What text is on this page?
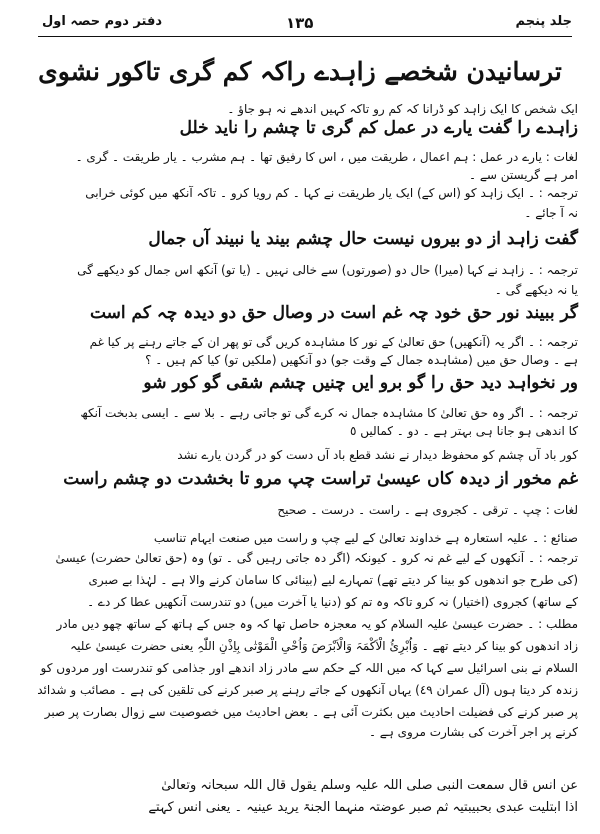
جلد پنجم
۱۳۵
دفتر دوم حصہ اول
ترسانیدن شخصے زاہدے راکہ کم گری تاکور نشوی
ایک شخص کا ایک زاہد کو ڈرانا کہ کم رو تاکہ کہیں اندھے نہ ہو جاؤ ۔
زاہدے را گفت یارے در عمل کم گری تا چشم را ناید خلل
لغات : یارے در عمل : ہم اعمال ، طریقت میں ، اس کا رفیق تھا ۔ ہم مشرب ۔ یار طریقت ۔ گری ۔
امر ہے گریستن سے ۔
ترجمہ : ۔ ایک زاہد کو (اس کے) ایک یار طریقت نے کہا ۔ کم رویا کرو ۔ تاکہ آنکھ میں کوئی خرابی
نہ آ جائے ۔
گفت زاہد از دو بیروں نیست حال چشم بیند یا نبیند آں جمال
ترجمہ : ۔ زاہد نے کہا (میرا) حال دو (صورتوں) سے خالی نہیں ۔ (یا تو) آنکھ اس جمال کو دیکھے گی
یا نہ دیکھے گی ۔
گر ببیند نور حق خود چہ غم است در وصال حق دو دیدہ چہ کم است
ترجمہ : ۔ اگر یہ (آنکھیں) حق تعالیٰ کے نور کا مشاہدہ کریں گی تو پھر ان کے جاتے رہنے پر کیا غم
ہے ۔ وصال حق میں (مشاہدہ جمال کے وقت جو) دو آنکھیں (ملکیں تو) کیا کم ہیں ۔ ؟
ور نخواہد دید حق را گو برو ایں چنیں چشم شقی گو کور شو
ترجمہ : ۔ اگر وہ حق تعالیٰ کا مشاہدہ جمال نہ کرے گی تو جاتی رہے ۔ بلا سے ۔ ایسی بدبخت آنکھ
کا اندھی ہو جانا ہی بہتر ہے ۔ دو ۔ کمالیں ٥
کور باد آں چشم کو محفوظ دیدار نے نشد قطع باد آں دست کو در گردن یارے نشد
غم مخور از دیدہ کاں عیسیٰ تراست چپ مرو تا بخشدت دو چشم راست
لغات : چپ ۔ ترقی ۔ کجروی ہے ۔ راست ۔ درست ۔ صحیح
صنائع : ۔ علیہ استعارہ ہے خداوند تعالیٰ کے لیے چپ و راست میں صنعت ایہام تناسب
ترجمہ : ۔ آنکھوں کے لیے غم نہ کرو ۔ کیونکہ (اگر دہ جاتی رہیں گی ۔ تو) وہ (حق تعالیٰ حضرت) عیسیٰ
(کی طرح جو اندھوں کو بینا کر دیتے تھے) تمہارے لیے (بینائی کا سامان کرنے والا ہے ۔ لہٰذا بے صبری
کے ساتھ) کجروی (اختیار) نہ کرو تاکہ وہ تم کو (دنیا یا آخرت میں) دو تندرست آنکھیں عطا کر دے ۔
مطلب : ۔ حضرت عیسیٰ علیہ السلام کو یہ معجزہ حاصل تھا کہ وہ جس کے ہاتھ کے ساتھ چھو دیں مادر
زاد اندھوں کو بینا کر دیتے تھے ۔ وَاُبْرِئُ الْاَکْمَہَ وَالْاَبْرَصَ وَاُحْیِ الْمَوْتٰی بِاِذْنِ اللّٰہِ یعنی حضرت عیسیٰ علیہ
السلام نے بنی اسرائیل سے کہا کہ میں اللہ کے حکم سے مادر زاد اندھے اور جذامی کو تندرست اور مردوں کو
زندہ کر دیتا ہوں (آل عمران ٤٩) یہاں آنکھوں کے جاتے رہنے پر صبر کرنے کی تلقین کی ہے ۔ مصائب و شدائد
پر صبر کرنے کی فضیلت احادیث میں بکثرت آئی ہے ۔ بعض احادیث میں خصوصیت سے زوال بصارت پر صبر
کرنے پر اجر آخرت کی بشارت مروی ہے ۔
عن انس قال سمعت النبی صلی اللہ علیہ وسلم یقول قال اللہ سبحانہ وتعالیٰ
اذا ابتلیت عبدی بحبیبتیہ ثم صبر عوضتہ منہما الجنۃ یرید عینیہ ۔ یعنی انس کہتے
